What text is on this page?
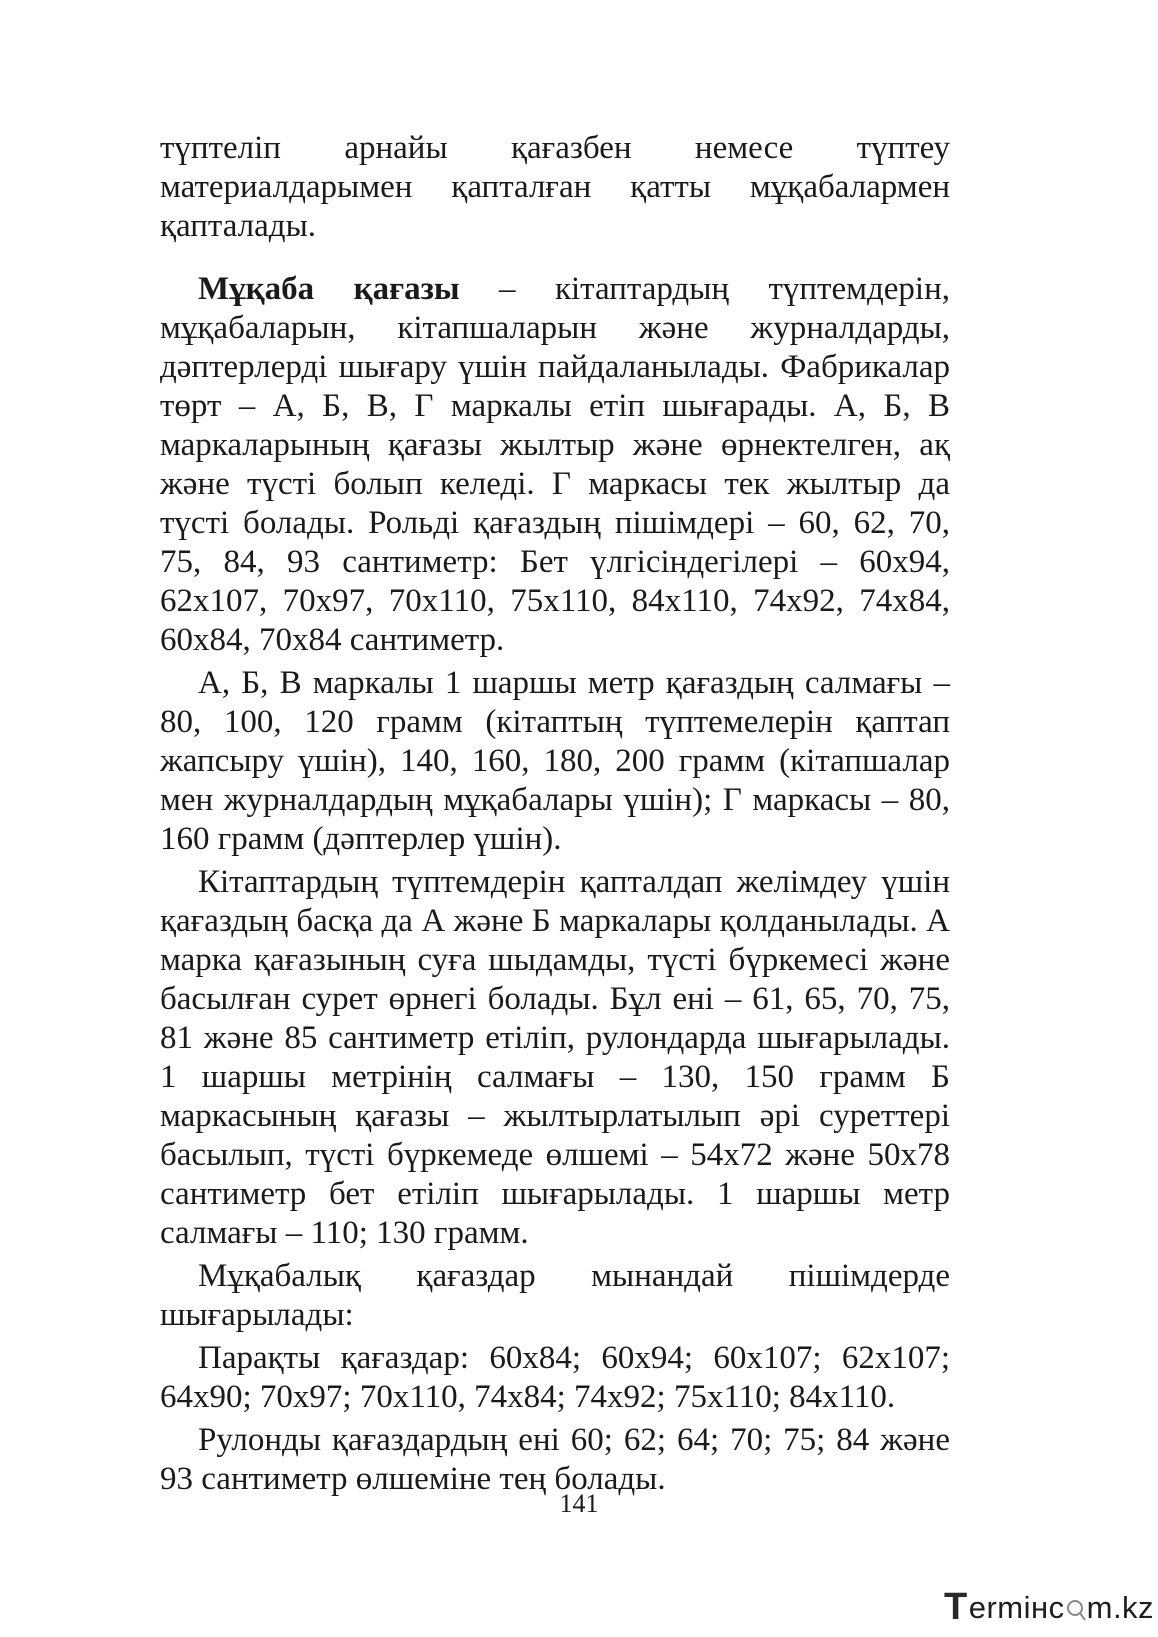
түптеліп арнайы қағазбен немесе түптеу материалдарымен қапталған қатты мұқабалармен қапталады.

Мұқаба қағазы – кітаптардың түптемдерін, мұқабаларын, кітапшаларын және журналдарды, дәптерлерді шығару үшін пайдаланылады. Фабрикалар төрт – А, Б, В, Г маркалы етіп шығарады. А, Б, В маркаларының қағазы жылтыр және өрнектелген, ақ және түсті болып келеді. Г маркасы тек жылтыр да түсті болады. Рольді қағаздың пішімдері – 60, 62, 70, 75, 84, 93 сантиметр: Бет үлгісіндегілері – 60х94, 62х107, 70х97, 70х110, 75х110, 84х110, 74х92, 74х84, 60х84, 70х84 сантиметр.

А, Б, В маркалы 1 шаршы метр қағаздың салмағы – 80, 100, 120 грамм (кітаптың түптемелерін қаптап жапсыру үшін), 140, 160, 180, 200 грамм (кітапшалар мен журналдардың мұқабалары үшін); Г маркасы – 80, 160 грамм (дәптерлер үшін).

Кітаптардың түптемдерін қапталдап желімдеу үшін қағаздың басқа да А және Б маркалары қолданылады. А марка қағазының суға шыдамды, түсті бүркемесі және басылған сурет өрнегі болады. Бұл ені – 61, 65, 70, 75, 81 және 85 сантиметр етіліп, рулондарда шығарылады. 1 шаршы метрінің салмағы – 130, 150 грамм Б маркасының қағазы – жылтырлатылып әрі суреттері басылып, түсті бүркемеде өлшемі – 54х72 және 50х78 сантиметр бет етіліп шығарылады. 1 шаршы метр салмағы – 110; 130 грамм.

Мұқабалық қағаздар мынандай пішімдерде шығарылады:

Парақты қағаздар: 60х84; 60х94; 60х107; 62х107; 64х90; 70х97; 70х110, 74х84; 74х92; 75х110; 84х110.

Рулонды қағаздардың ені 60; 62; 64; 70; 75; 84 және 93 сантиметр өлшеміне тең болады.

141
T ermінc m.kz
